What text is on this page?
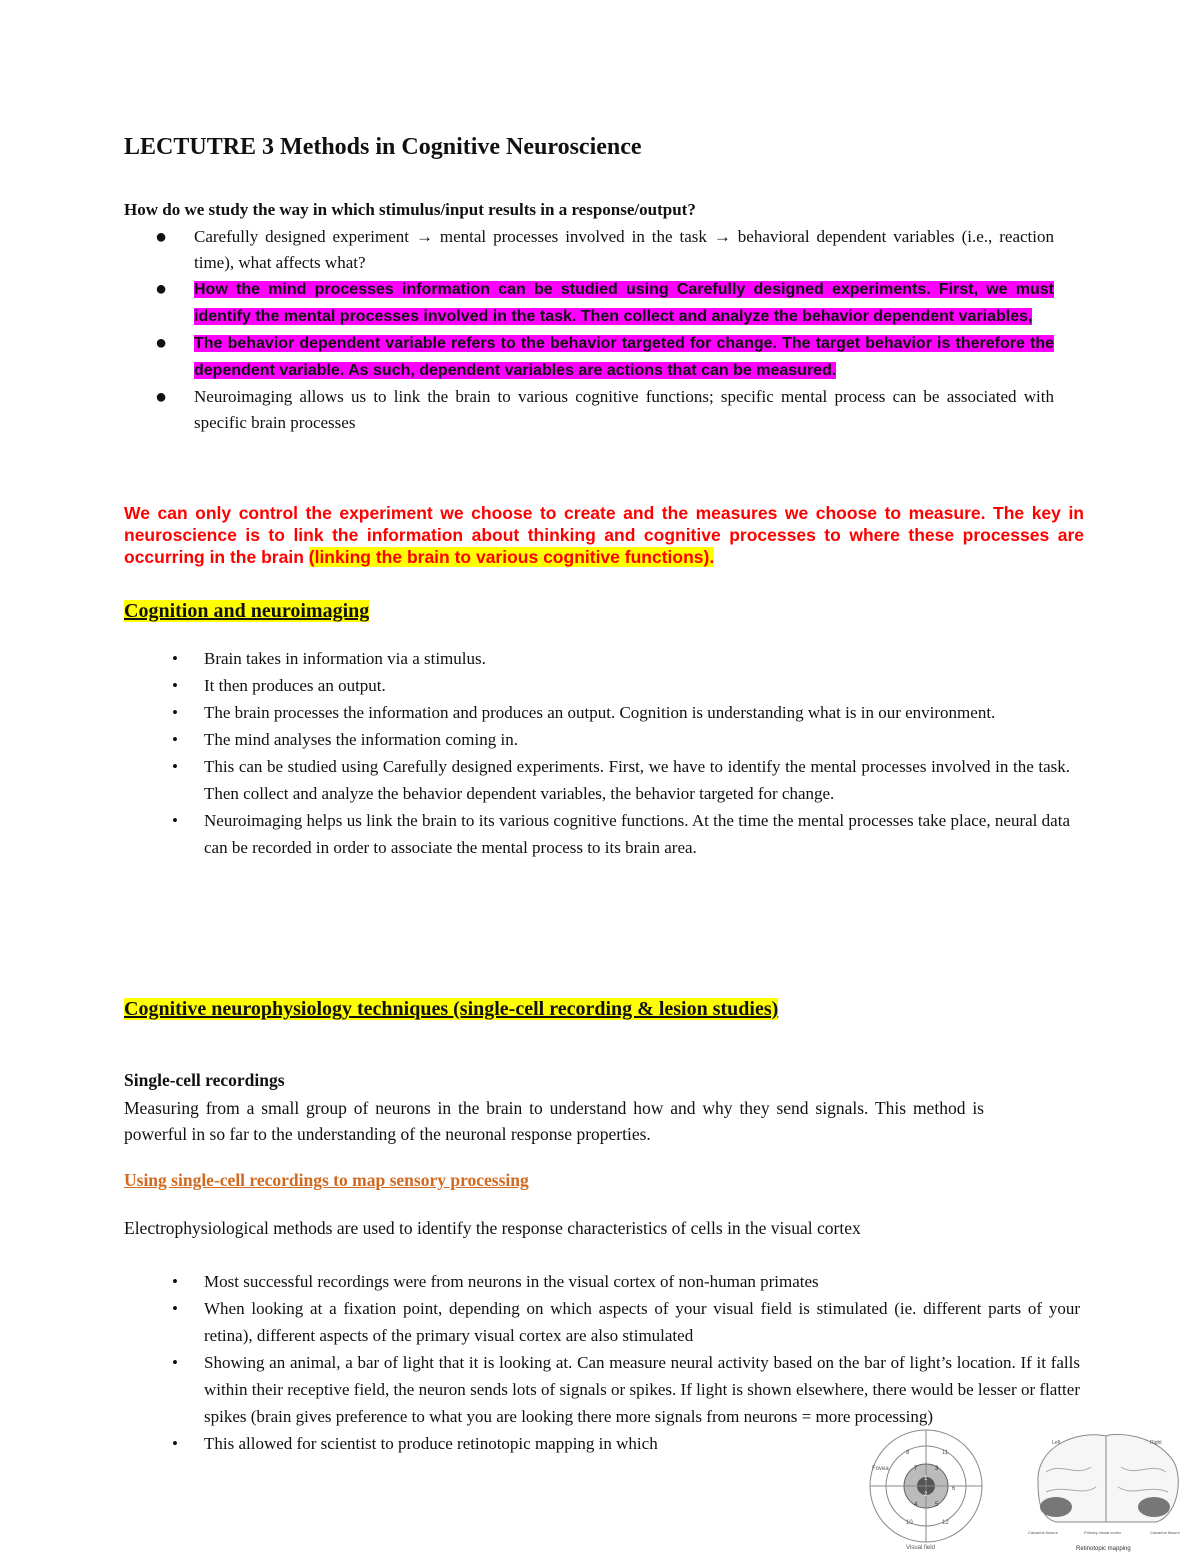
LECTUTRE 3 Methods in Cognitive Neuroscience

How do we study the way in which stimulus/input results in a response/output?

● Carefully designed experiment → mental processes involved in the task → behavioral dependent variables (i.e., reaction time), what affects what?
● How the mind processes information can be studied using Carefully designed experiments. First, we must identify the mental processes involved in the task. Then collect and analyze the behavior dependent variables,
● The behavior dependent variable refers to the behavior targeted for change. The target behavior is therefore the dependent variable. As such, dependent variables are actions that can be measured.
● Neuroimaging allows us to link the brain to various cognitive functions; specific mental process can be associated with specific brain processes

We can only control the experiment we choose to create and the measures we choose to measure. The key in neuroscience is to link the information about thinking and cognitive processes to where these processes are occurring in the brain (linking the brain to various cognitive functions).

Cognition and neuroimaging
• Brain takes in information via a stimulus.
• It then produces an output.
• The brain processes the information and produces an output. Cognition is understanding what is in our environment.
• The mind analyses the information coming in.
• This can be studied using Carefully designed experiments. First, we have to identify the mental processes involved in the task. Then collect and analyze the behavior dependent variables, the behavior targeted for change.
• Neuroimaging helps us link the brain to its various cognitive functions. At the time the mental processes take place, neural data can be recorded in order to associate the mental process to its brain area.
Cognitive neurophysiology techniques (single-cell recording & lesion studies)

Single-cell recordings

Measuring from a small group of neurons in the brain to understand how and why they send signals. This method is powerful in so far to the understanding of the neuronal response properties.

Using single-cell recordings to map sensory processing

Electrophysiological methods are used to identify the response characteristics of cells in the visual cortex

• Most successful recordings were from neurons in the visual cortex of non-human primates
• When looking at a fixation point, depending on which aspects of your visual field is stimulated (ie. different parts of your retina), different aspects of the primary visual cortex are also stimulated
• Showing an animal, a bar of light that it is looking at. Can measure neural activity based on the bar of light’s location. If it falls within their receptive field, the neuron sends lots of signals or spikes. If light is shown elsewhere, there would be lesser or flatter spikes (brain gives preference to what you are looking there more signals from neurons = more processing)
• This allowed for scientist to produce retinotopic mapping in which	8	11
7	3
1
2
4	5
6
10	12
Fovea
Visual field
Left	Right
Calcarine fissure	Primary visual cortex	Calcarine fissure
Retinotopic mapping
